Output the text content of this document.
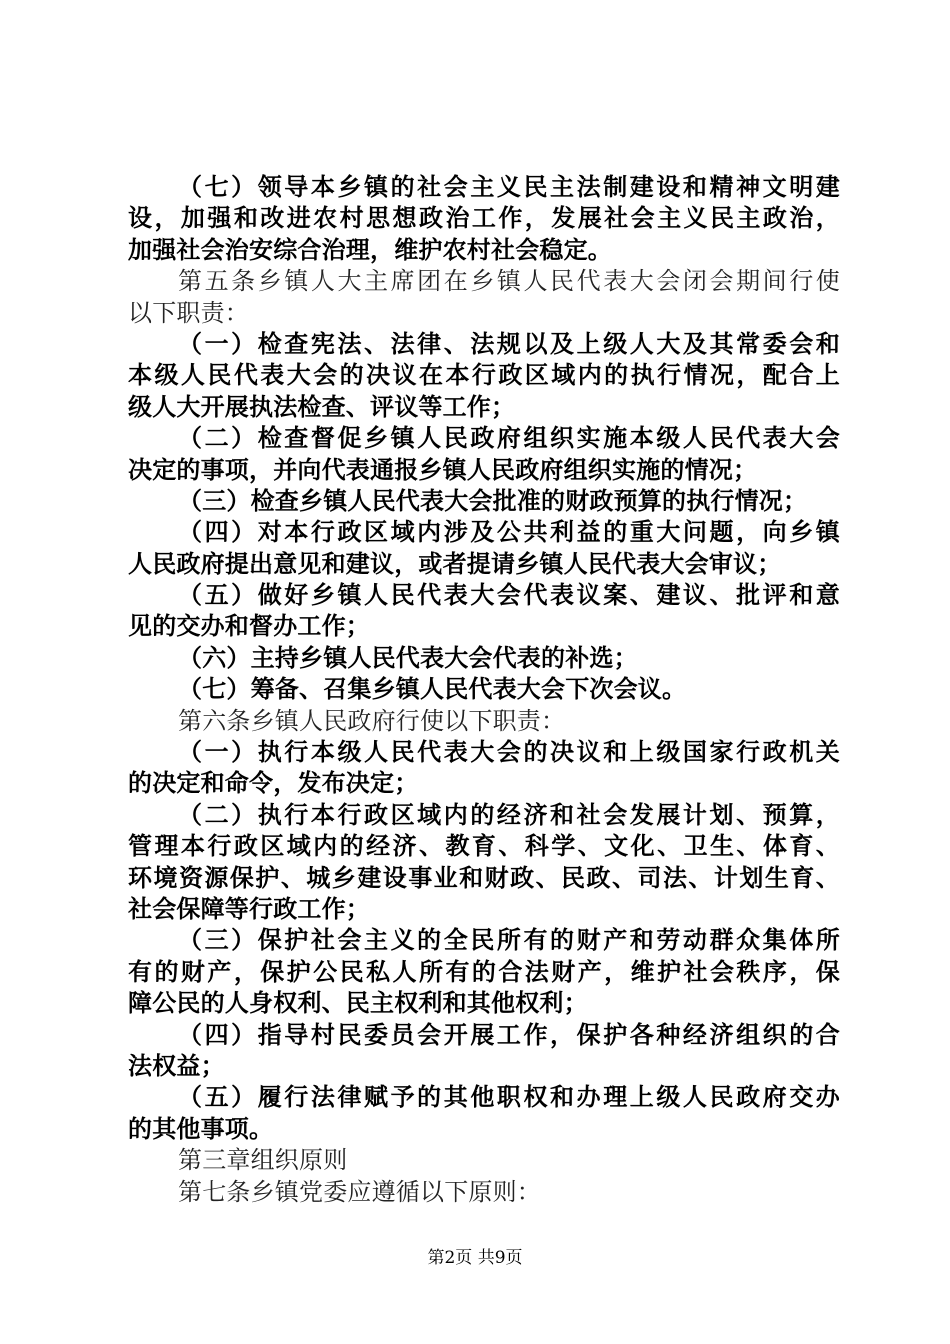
（七）领导本乡镇的社会主义民主法制建设和精神文明建
设，加强和改进农村思想政治工作，发展社会主义民主政治，
加强社会治安综合治理，维护农村社会稳定。
第五条乡镇人大主席团在乡镇人民代表大会闭会期间行使
以下职责：
（一）检查宪法、法律、法规以及上级人大及其常委会和
本级人民代表大会的决议在本行政区域内的执行情况，配合上
级人大开展执法检查、评议等工作；
（二）检查督促乡镇人民政府组织实施本级人民代表大会
决定的事项，并向代表通报乡镇人民政府组织实施的情况；
（三）检查乡镇人民代表大会批准的财政预算的执行情况；
（四）对本行政区域内涉及公共利益的重大问题，向乡镇
人民政府提出意见和建议，或者提请乡镇人民代表大会审议；
（五）做好乡镇人民代表大会代表议案、建议、批评和意
见的交办和督办工作；
（六）主持乡镇人民代表大会代表的补选；
（七）筹备、召集乡镇人民代表大会下次会议。
第六条乡镇人民政府行使以下职责：
（一）执行本级人民代表大会的决议和上级国家行政机关
的决定和命令，发布决定；
（二）执行本行政区域内的经济和社会发展计划、预算，
管理本行政区域内的经济、教育、科学、文化、卫生、体育、
环境资源保护、城乡建设事业和财政、民政、司法、计划生育、
社会保障等行政工作；
（三）保护社会主义的全民所有的财产和劳动群众集体所
有的财产，保护公民私人所有的合法财产，维护社会秩序，保
障公民的人身权利、民主权利和其他权利；
（四）指导村民委员会开展工作，保护各种经济组织的合
法权益；
（五）履行法律赋予的其他职权和办理上级人民政府交办
的其他事项。
第三章组织原则
第七条乡镇党委应遵循以下原则：
第2页 共9页
